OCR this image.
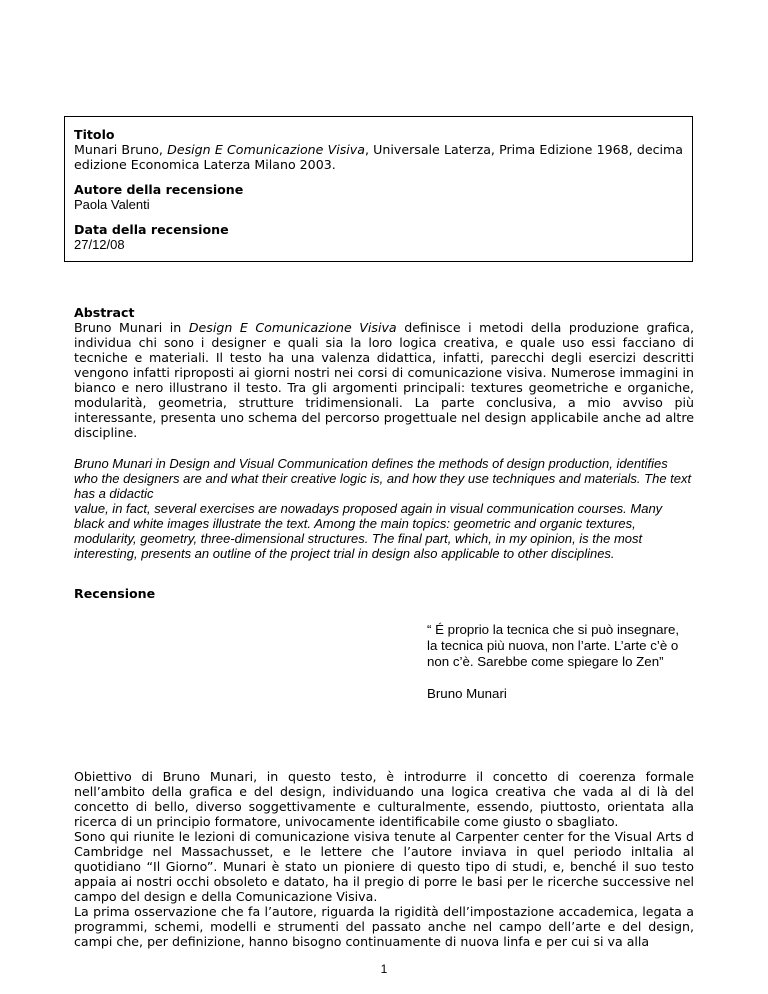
Titolo

Munari Bruno, Design E Comunicazione Visiva, Universale Laterza, Prima Edizione 1968, decima edizione Economica Laterza Milano 2003.

Autore della recensione

Paola Valenti

Data della recensione

27/12/08

Abstract

Bruno Munari in Design E Comunicazione Visiva definisce i metodi della produzione grafica, individua chi sono i designer e quali sia la loro logica creativa, e quale uso essi facciano di tecniche e materiali. Il testo ha una valenza didattica, infatti, parecchi degli esercizi descritti vengono infatti riproposti ai giorni nostri nei corsi di comunicazione visiva. Numerose immagini in bianco e nero illustrano il testo. Tra gli argomenti principali: textures geometriche e organiche, modularità, geometria, strutture tridimensionali. La parte conclusiva, a mio avviso più interessante, presenta uno schema del percorso progettuale nel design applicabile anche ad altre discipline.

Bruno Munari in Design and Visual Communication defines the methods of design production, identifies who the designers are and what their creative logic is, and how they use techniques and materials. The text has a didactic

value, in fact, several exercises are nowadays proposed again in visual communication courses. Many black and white images illustrate the text. Among the main topics: geometric and organic textures, modularity, geometry, three-dimensional structures. The final part, which, in my opinion, is the most interesting, presents an outline of the project trial in design also applicable to other disciplines.

Recensione

“ É proprio la tecnica che si può insegnare, la tecnica più nuova, non l’arte. L’arte c’è o non c’è. Sarebbe come spiegare lo Zen”

Bruno Munari

Obiettivo di Bruno Munari, in questo testo, è introdurre il concetto di coerenza formale nell’ambito della grafica e del design, individuando una logica creativa che vada al di là del concetto di bello, diverso soggettivamente e culturalmente, essendo, piuttosto, orientata alla ricerca di un principio formatore, univocamente identificabile come giusto o sbagliato.

Sono qui riunite le lezioni di comunicazione visiva tenute al Carpenter center for the Visual Arts d Cambridge nel Massachusset, e le lettere che l’autore inviava in quel periodo inItalia al quotidiano “Il Giorno”. Munari è stato un pioniere di questo tipo di studi, e, benché il suo testo appaia ai nostri occhi obsoleto e datato, ha il pregio di porre le basi per le ricerche successive nel campo del design e della Comunicazione Visiva.

La prima osservazione che fa l’autore, riguarda la rigidità dell’impostazione accademica, legata a programmi, schemi, modelli e strumenti del passato anche nel campo dell’arte e del design, campi che, per definizione, hanno bisogno continuamente di nuova linfa e per cui si va alla

1
